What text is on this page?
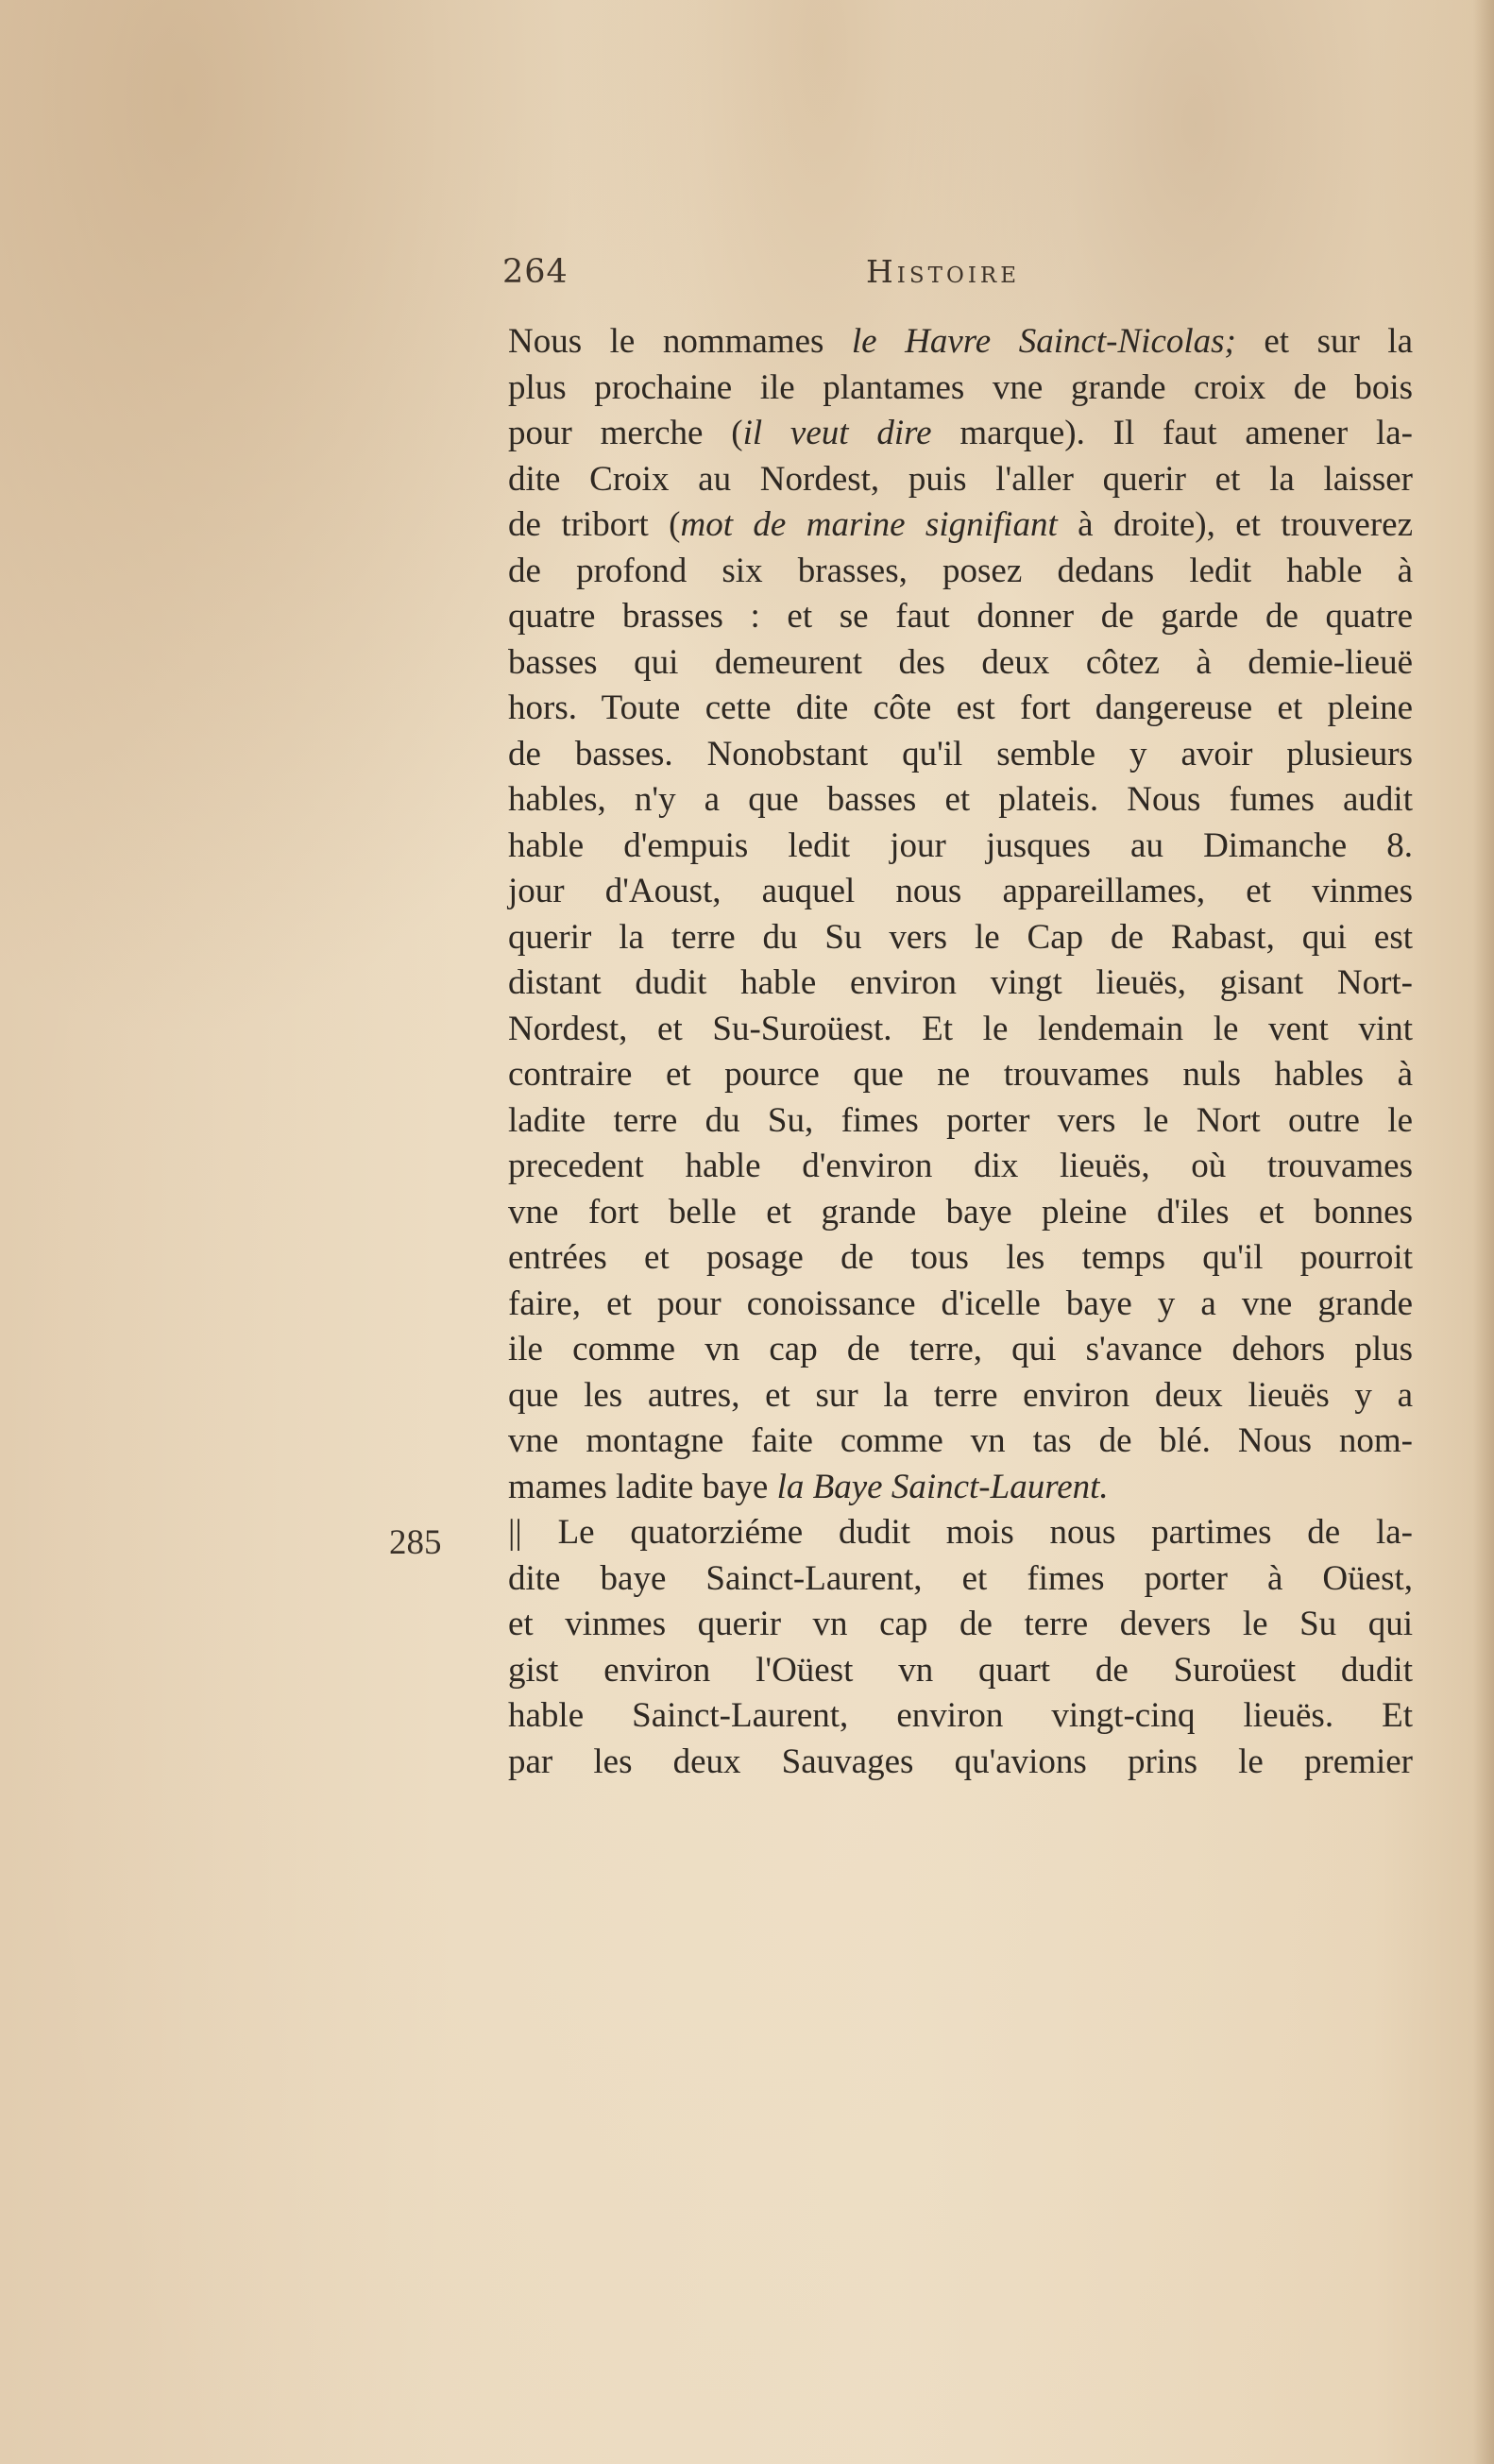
264	Histoire
285
Nous le nommames le Havre Sainct-Nicolas; et sur la
plus prochaine ile plantames vne grande croix de bois
pour merche (il veut dire marque). Il faut amener la-
dite Croix au Nordest, puis l'aller querir et la laisser
de tribort (mot de marine signifiant à droite), et trouverez
de profond six brasses, posez dedans ledit hable à
quatre brasses : et se faut donner de garde de quatre
basses qui demeurent des deux côtez à demie-lieuë
hors. Toute cette dite côte est fort dangereuse et pleine
de basses. Nonobstant qu'il semble y avoir plusieurs
hables, n'y a que basses et plateis. Nous fumes audit
hable d'empuis ledit jour jusques au Dimanche 8.
jour d'Aoust, auquel nous appareillames, et vinmes
querir la terre du Su vers le Cap de Rabast, qui est
distant dudit hable environ vingt lieuës, gisant Nort-
Nordest, et Su-Suroüest. Et le lendemain le vent vint
contraire et pource que ne trouvames nuls hables à
ladite terre du Su, fimes porter vers le Nort outre le
precedent hable d'environ dix lieuës, où trouvames
vne fort belle et grande baye pleine d'iles et bonnes
entrées et posage de tous les temps qu'il pourroit
faire, et pour conoissance d'icelle baye y a vne grande
ile comme vn cap de terre, qui s'avance dehors plus
que les autres, et sur la terre environ deux lieuës y a
vne montagne faite comme vn tas de blé. Nous nom-
mames ladite baye la Baye Sainct-Laurent.
|| Le quatorziéme dudit mois nous partimes de la-
dite baye Sainct-Laurent, et fimes porter à Oüest,
et vinmes querir vn cap de terre devers le Su qui
gist environ l'Oüest vn quart de Suroüest dudit
hable Sainct-Laurent, environ vingt-cinq lieuës. Et
par les deux Sauvages qu'avions prins le premier
